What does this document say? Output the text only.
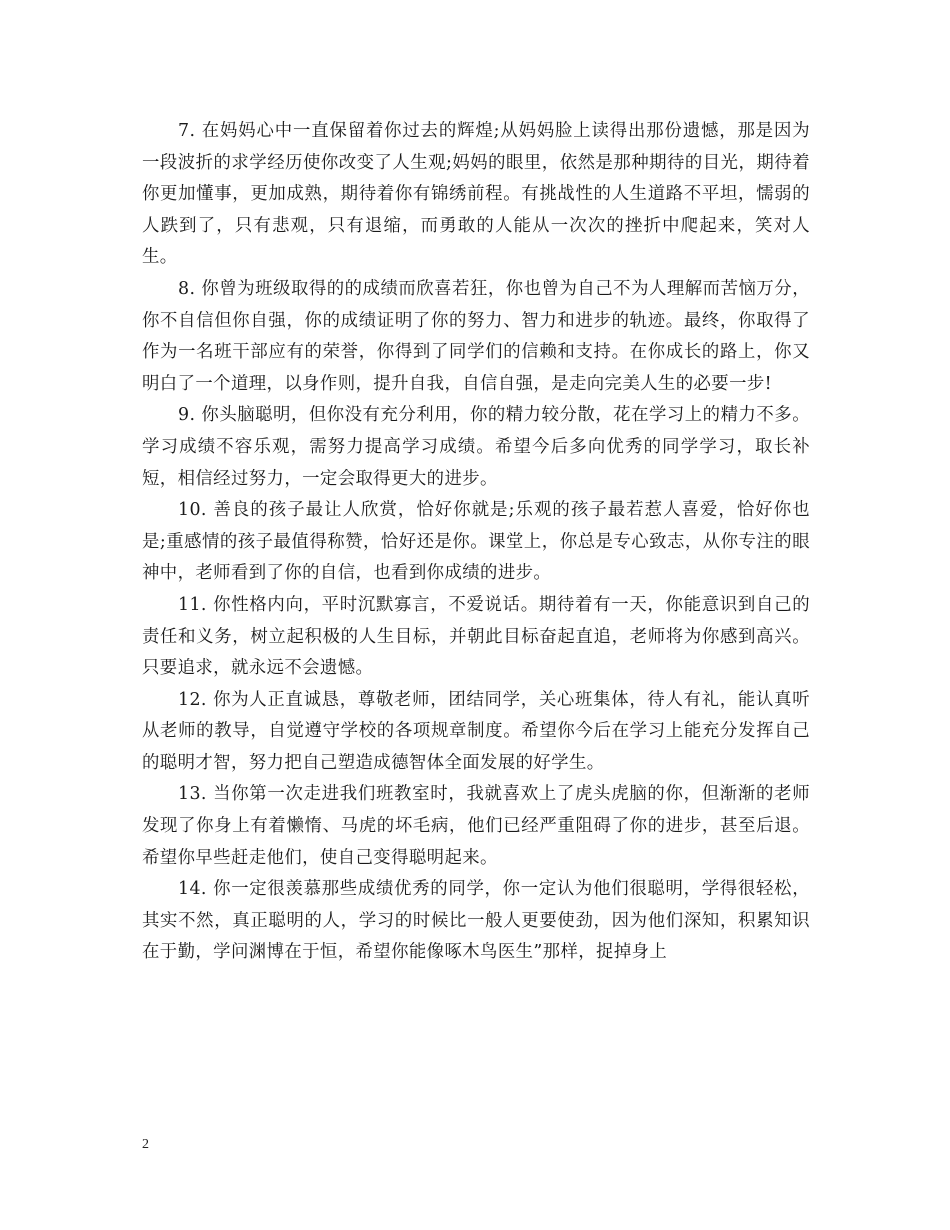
7. 在妈妈心中一直保留着你过去的辉煌;从妈妈脸上读得出那份遗憾，那是因为一段波折的求学经历使你改变了人生观;妈妈的眼里，依然是那种期待的目光，期待着你更加懂事，更加成熟，期待着你有锦绣前程。有挑战性的人生道路不平坦，懦弱的人跌到了，只有悲观，只有退缩，而勇敢的人能从一次次的挫折中爬起来，笑对人生。

8. 你曾为班级取得的的成绩而欣喜若狂，你也曾为自己不为人理解而苦恼万分，你不自信但你自强，你的成绩证明了你的努力、智力和进步的轨迹。最终，你取得了作为一名班干部应有的荣誉，你得到了同学们的信赖和支持。在你成长的路上，你又明白了一个道理，以身作则，提升自我，自信自强，是走向完美人生的必要一步!

9. 你头脑聪明，但你没有充分利用，你的精力较分散，花在学习上的精力不多。学习成绩不容乐观，需努力提高学习成绩。希望今后多向优秀的同学学习，取长补短，相信经过努力，一定会取得更大的进步。

10. 善良的孩子最让人欣赏，恰好你就是;乐观的孩子最若惹人喜爱，恰好你也是;重感情的孩子最值得称赞，恰好还是你。课堂上，你总是专心致志，从你专注的眼神中，老师看到了你的自信，也看到你成绩的进步。

11. 你性格内向，平时沉默寡言，不爱说话。期待着有一天，你能意识到自己的责任和义务，树立起积极的人生目标，并朝此目标奋起直追，老师将为你感到高兴。只要追求，就永远不会遗憾。

12. 你为人正直诚恳，尊敬老师，团结同学，关心班集体，待人有礼，能认真听从老师的教导，自觉遵守学校的各项规章制度。希望你今后在学习上能充分发挥自己的聪明才智，努力把自己塑造成德智体全面发展的好学生。

13. 当你第一次走进我们班教室时，我就喜欢上了虎头虎脑的你，但渐渐的老师发现了你身上有着懒惰、马虎的坏毛病，他们已经严重阻碍了你的进步，甚至后退。希望你早些赶走他们，使自己变得聪明起来。

14. 你一定很羡慕那些成绩优秀的同学，你一定认为他们很聪明，学得很轻松，其实不然，真正聪明的人，学习的时候比一般人更要使劲，因为他们深知，积累知识在于勤，学问渊博在于恒，希望你能像啄木鸟医生”那样，捉掉身上

2
